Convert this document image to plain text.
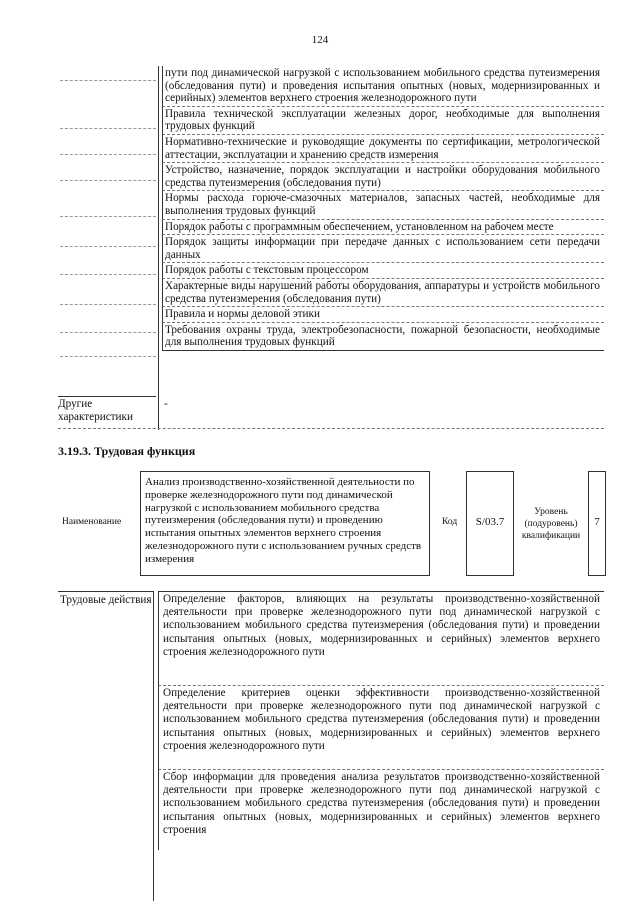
124
пути под динамической нагрузкой с использованием мобильного средства путеизмерения (обследования пути) и проведения испытания опытных (новых, модернизированных и серийных) элементов верхнего строения железнодорожного пути
Правила технической эксплуатации железных дорог, необходимые для выполнения трудовых функций
Нормативно-технические и руководящие документы по сертификации, метрологической аттестации, эксплуатации и хранению средств измерения
Устройство, назначение, порядок эксплуатации и настройки оборудования мобильного средства путеизмерения (обследования пути)
Нормы расхода горюче-смазочных материалов, запасных частей, необходимые для выполнения трудовых функций
Порядок работы с программным обеспечением, установленном на рабочем месте
Порядок защиты информации при передаче данных с использованием сети передачи данных
Порядок работы с текстовым процессором
Характерные виды нарушений работы оборудования, аппаратуры и устройств мобильного средства путеизмерения (обследования пути)
Правила и нормы деловой этики
Требования охраны труда, электробезопасности, пожарной безопасности, необходимые для выполнения трудовых функций
Другие характеристики
-
3.19.3. Трудовая функция
Наименование
Анализ производственно-хозяйственной деятельности по проверке железнодорожного пути под динамической нагрузкой с использованием мобильного средства путеизмерения (обследования пути) и проведению испытания опытных элементов верхнего строения железнодорожного пути с использованием ручных средств измерения
Код	S/03.7
Уровень (подуровень) квалификации
7
Трудовые действия	Определение факторов, влияющих на результаты производственно-хозяйственной деятельности при проверке железнодорожного пути под динамической нагрузкой с использованием мобильного средства путеизмерения (обследования пути) и проведении испытания опытных (новых, модернизированных и серийных) элементов верхнего строения железнодорожного пути
Определение критериев оценки эффективности производственно-хозяйственной деятельности при проверке железнодорожного пути под динамической нагрузкой с использованием мобильного средства путеизмерения (обследования пути) и проведении испытания опытных (новых, модернизированных и серийных) элементов верхнего строения железнодорожного пути
Сбор информации для проведения анализа результатов производственно-хозяйственной деятельности при проверке железнодорожного пути под динамической нагрузкой с использованием мобильного средства путеизмерения (обследования пути) и проведении испытания опытных (новых, модернизированных и серийных) элементов верхнего строения
